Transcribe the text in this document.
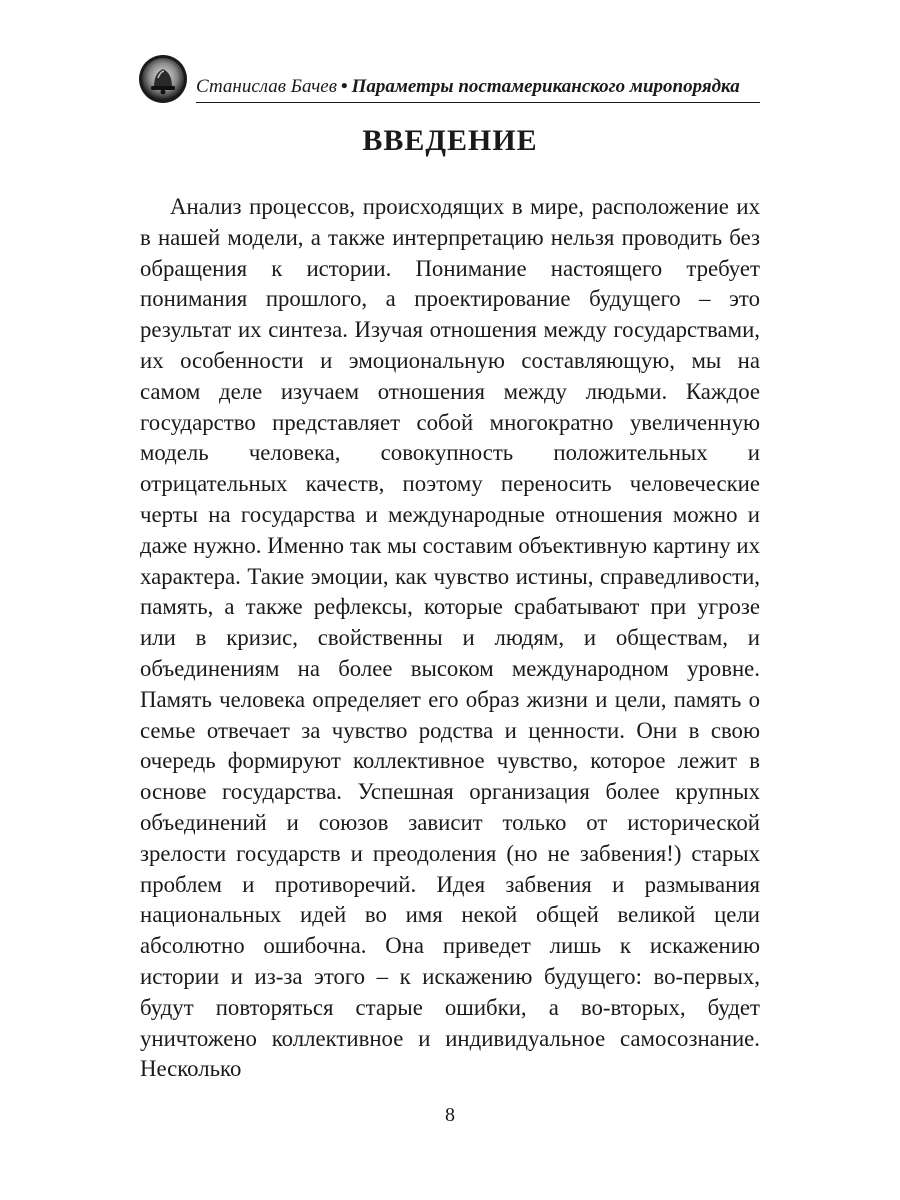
Станислав Бачев • Параметры постамериканского миропорядка
ВВЕДЕНИЕ

Анализ процессов, происходящих в мире, расположение их в нашей модели, а также интерпретацию нельзя проводить без обращения к истории. Понимание настоящего требует понимания прошлого, а проектирование будущего – это результат их синтеза. Изучая отношения между государствами, их особенности и эмоциональную составляющую, мы на самом деле изучаем отношения между людьми. Каждое государство представляет собой многократно увеличенную модель человека, совокупность положительных и отрицательных качеств, поэтому переносить человеческие черты на государства и международные отношения можно и даже нужно. Именно так мы составим объективную картину их характера. Такие эмоции, как чувство истины, справедливости, память, а также рефлексы, которые срабатывают при угрозе или в кризис, свойственны и людям, и обществам, и объединениям на более высоком международном уровне. Память человека определяет его образ жизни и цели, память о семье отвечает за чувство родства и ценности. Они в свою очередь формируют коллективное чувство, которое лежит в основе государства. Успешная организация более крупных объединений и союзов зависит только от исторической зрелости государств и преодоления (но не забвения!) старых проблем и противоречий. Идея забвения и размывания национальных идей во имя некой общей великой цели абсолютно ошибочна. Она приведет лишь к искажению истории и из-за этого – к искажению будущего: во-первых, будут повторяться старые ошибки, а во-вторых, будет уничтожено коллективное и индивидуальное самосознание. Несколько

8
